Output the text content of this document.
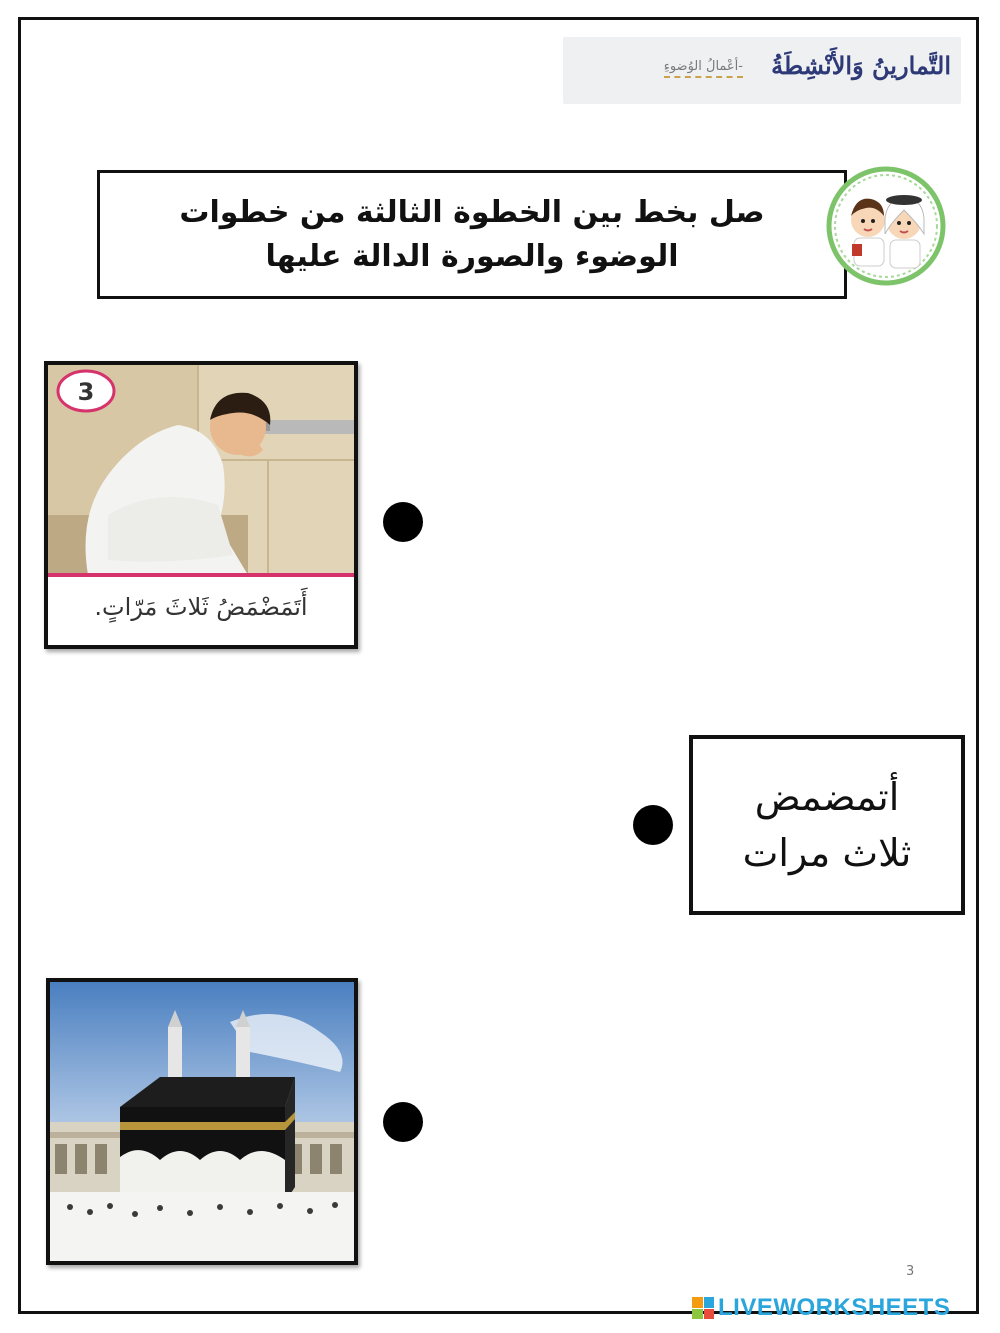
التَّمارينُ وَالأَنْشِطَةُ
-أعْمالُ الوُضوءِ
صل بخط بين الخطوة الثالثة من خطوات
الوضوء والصورة الدالة عليها
3
أَتَمَضْمَضُ ثَلاثَ مَرّاتٍ.
أتمضمض
ثلاث مرات
3
LIVEWORKSHEETS
